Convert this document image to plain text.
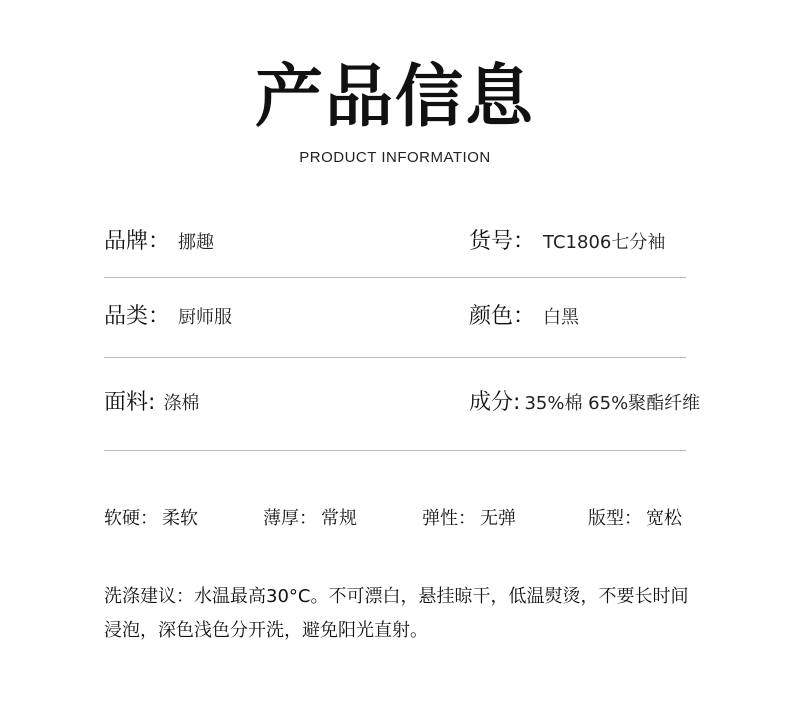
产品信息
PRODUCT INFORMATION
品牌： 挪趣	货号： TC1806七分袖
品类： 厨师服	颜色： 白黑
面料: 涤棉	成分: 35%棉 65%聚酯纤维
软硬： 柔软	薄厚： 常规	弹性： 无弹	版型： 宽松
洗涤建议：水温最高30°C。不可漂白，悬挂晾干，低温熨烫，不要长时间浸泡，深色浅色分开洗，避免阳光直射。
